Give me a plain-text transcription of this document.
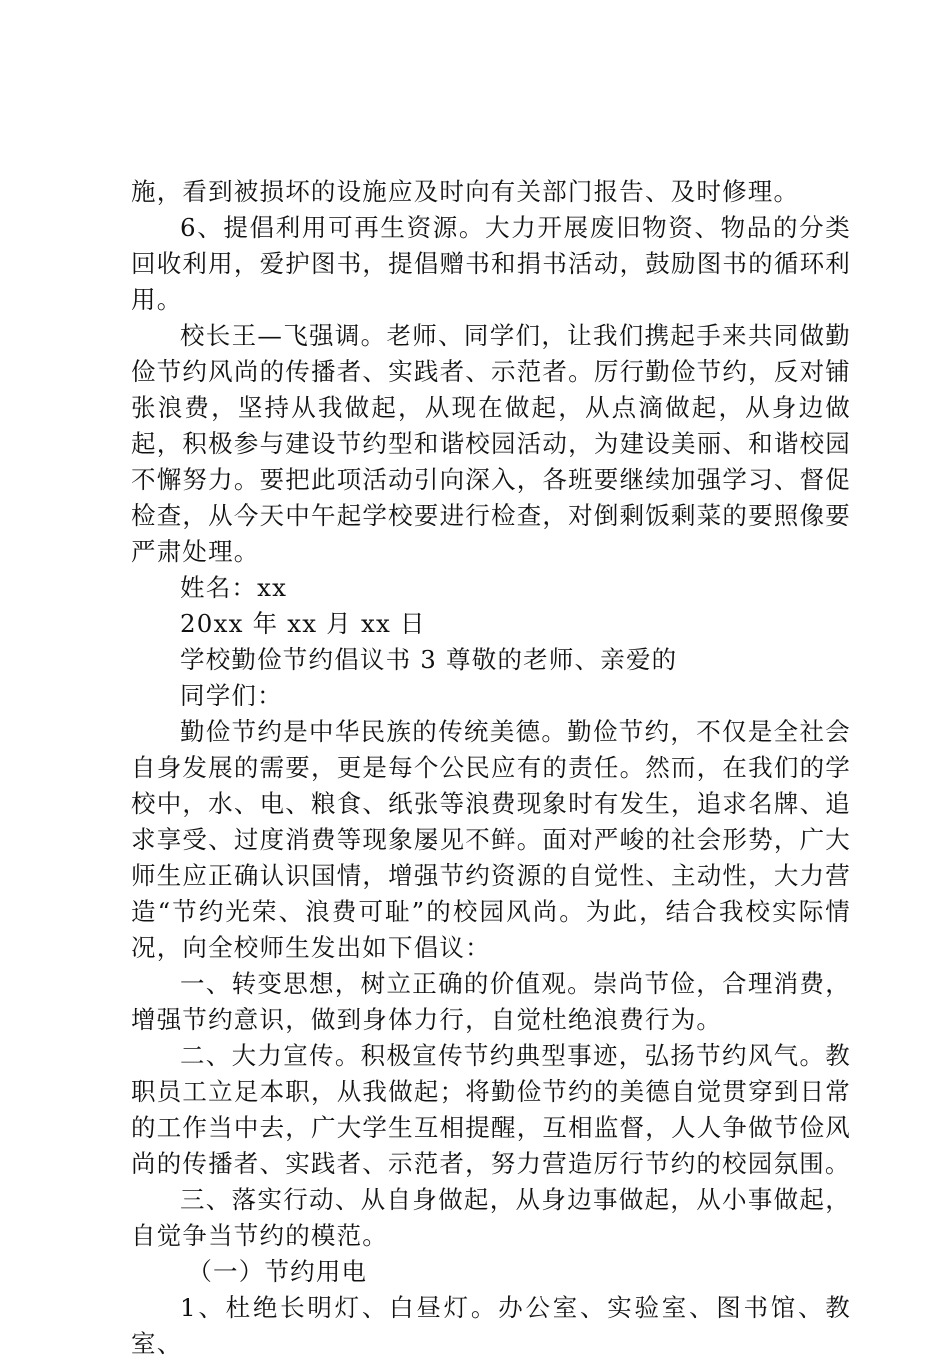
施，看到被损坏的设施应及时向有关部门报告、及时修理。

6、提倡利用可再生资源。大力开展废旧物资、物品的分类回收利用，爱护图书，提倡赠书和捐书活动，鼓励图书的循环利用。

校长王—飞强调。老师、同学们，让我们携起手来共同做勤俭节约风尚的传播者、实践者、示范者。厉行勤俭节约，反对铺张浪费，坚持从我做起，从现在做起，从点滴做起，从身边做起，积极参与建设节约型和谐校园活动，为建设美丽、和谐校园不懈努力。要把此项活动引向深入，各班要继续加强学习、督促检查，从今天中午起学校要进行检查，对倒剩饭剩菜的要照像要严肃处理。

姓名：xx

20xx 年 xx 月 xx 日

学校勤俭节约倡议书 3 尊敬的老师、亲爱的

同学们：

勤俭节约是中华民族的传统美德。勤俭节约，不仅是全社会自身发展的需要，更是每个公民应有的责任。然而，在我们的学校中，水、电、粮食、纸张等浪费现象时有发生，追求名牌、追求享受、过度消费等现象屡见不鲜。面对严峻的社会形势，广大师生应正确认识国情，增强节约资源的自觉性、主动性，大力营造“节约光荣、浪费可耻”的校园风尚。为此，结合我校实际情况，向全校师生发出如下倡议：

一、转变思想，树立正确的价值观。崇尚节俭，合理消费，增强节约意识，做到身体力行，自觉杜绝浪费行为。

二、大力宣传。积极宣传节约典型事迹，弘扬节约风气。教职员工立足本职，从我做起；将勤俭节约的美德自觉贯穿到日常的工作当中去，广大学生互相提醒，互相监督，人人争做节俭风尚的传播者、实践者、示范者，努力营造厉行节约的校园氛围。

三、落实行动、从自身做起，从身边事做起，从小事做起，自觉争当节约的模范。

（一）节约用电

1、杜绝长明灯、白昼灯。办公室、实验室、图书馆、教室、
